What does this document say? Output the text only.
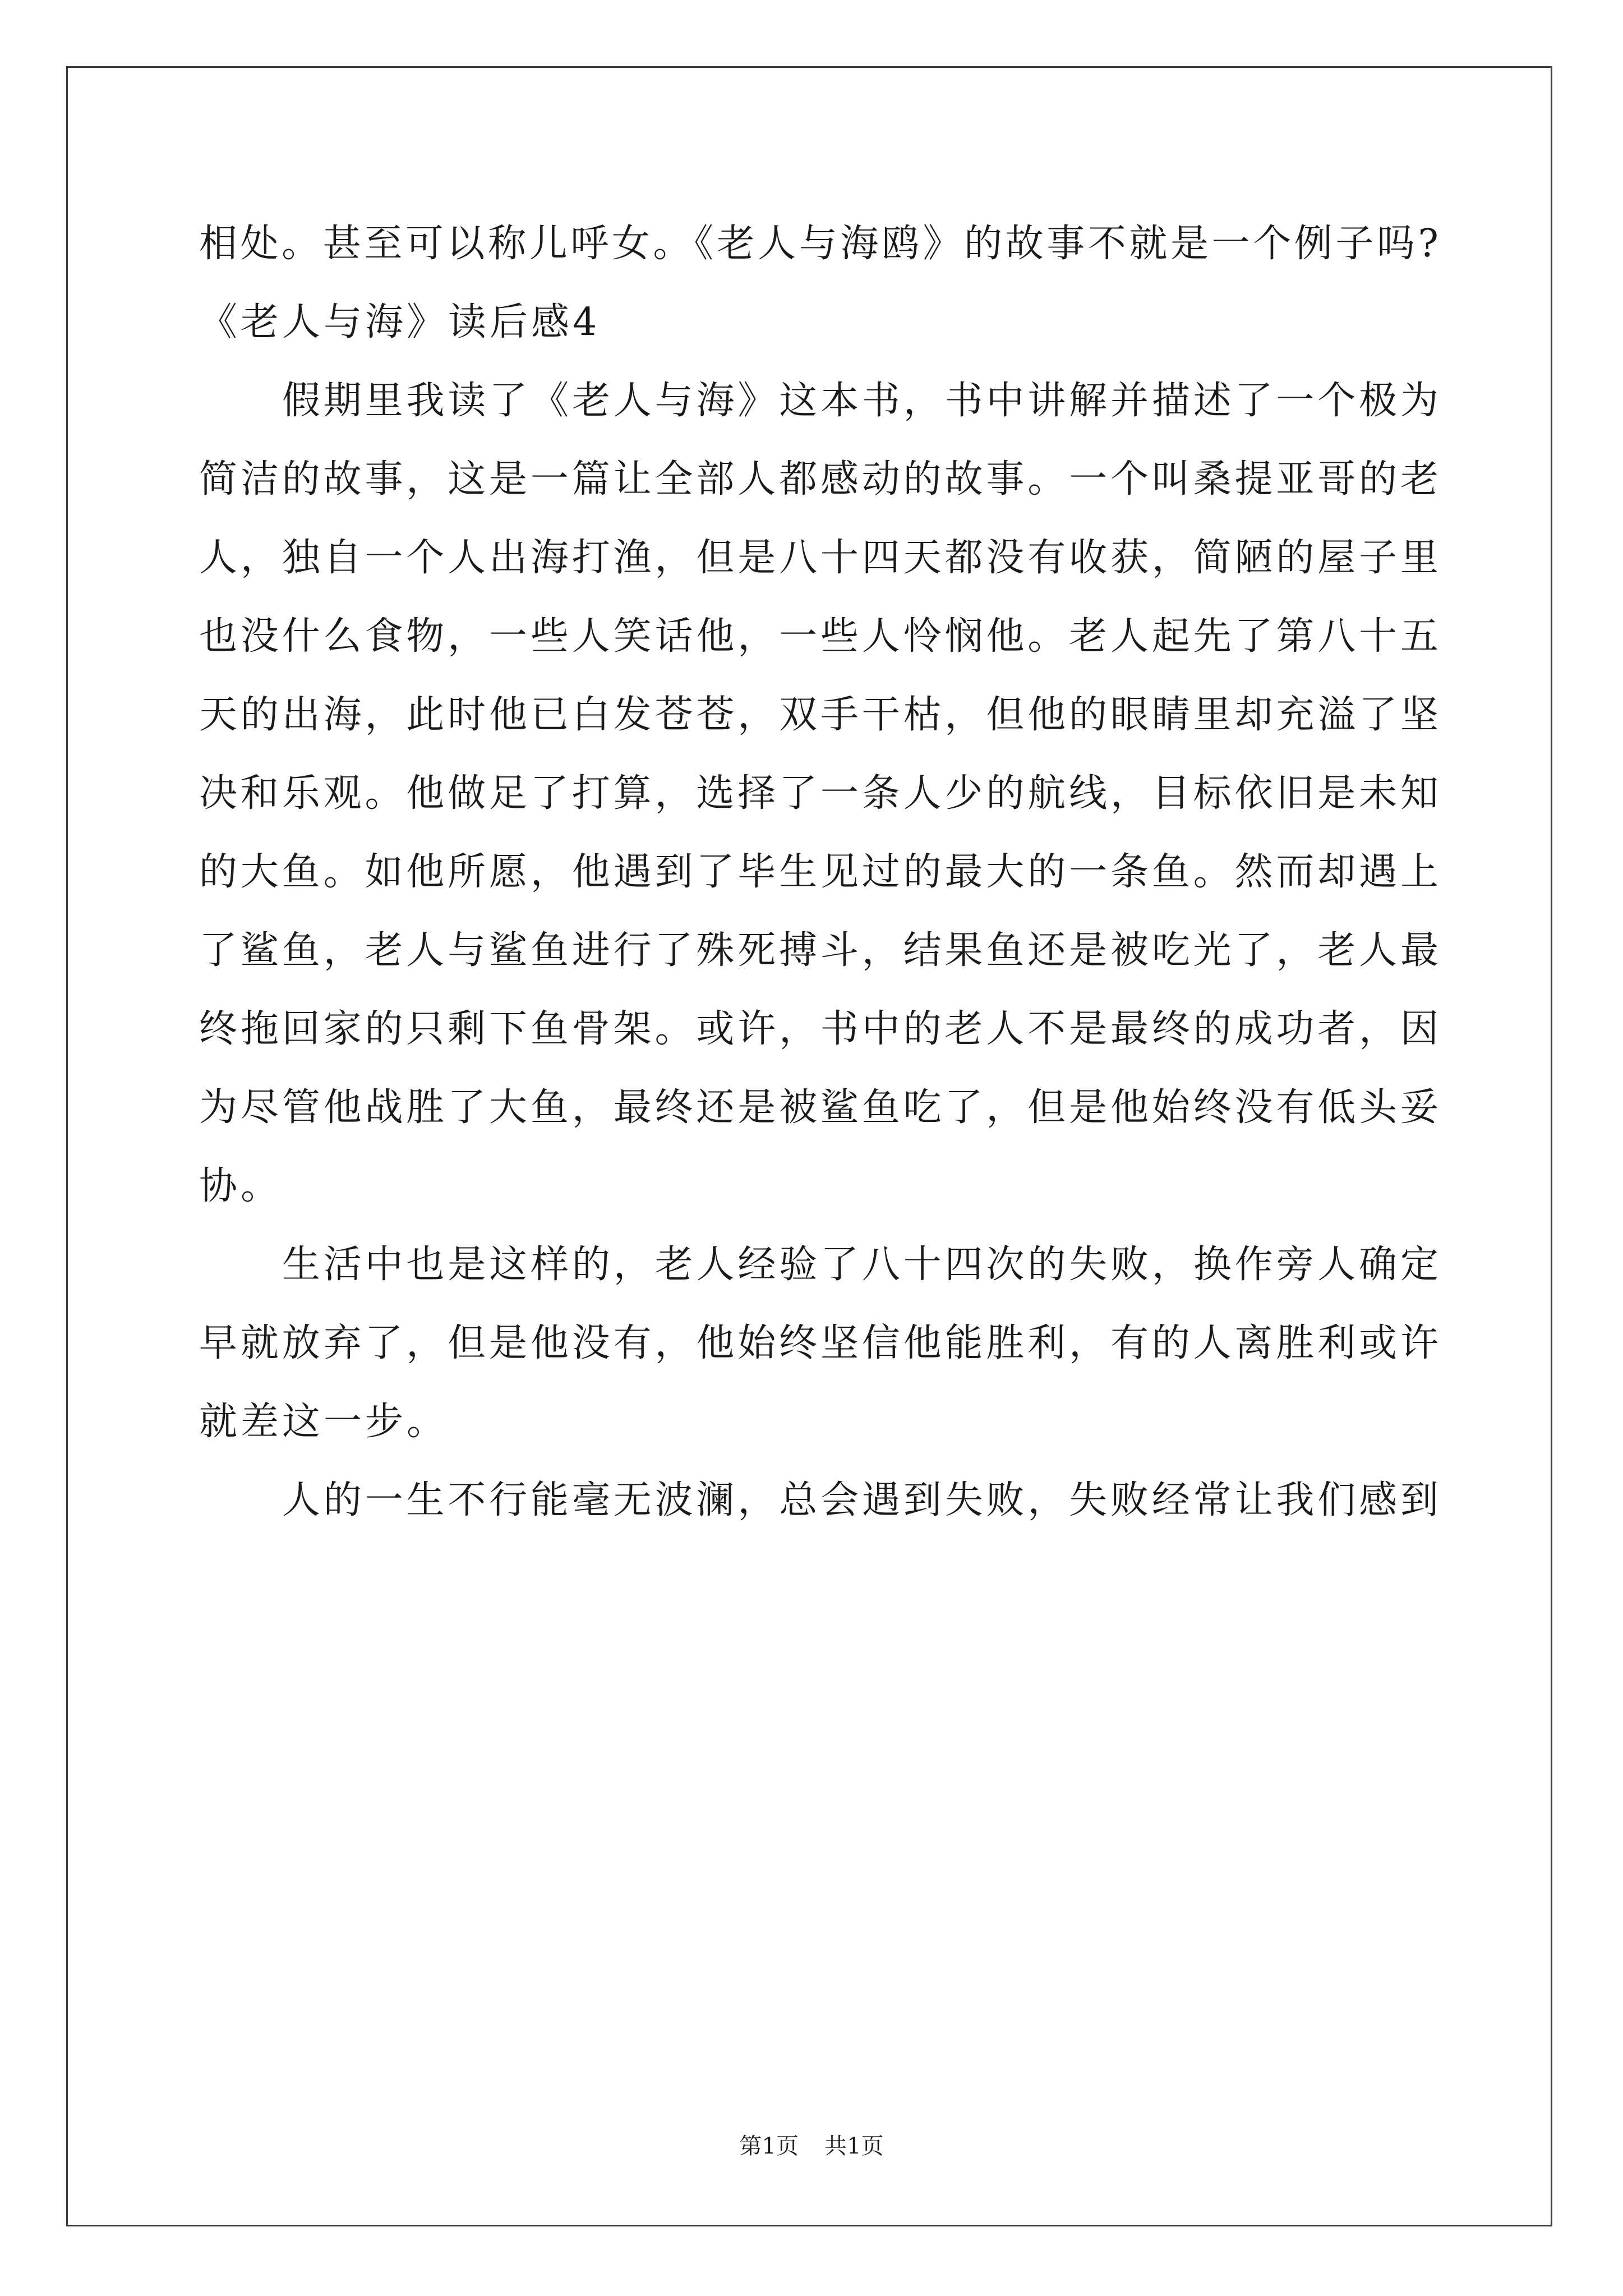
相处。甚至可以称儿呼女。《老人与海鸥》的故事不就是一个例子吗?
《老人与海》读后感4
假期里我读了《老人与海》这本书，书中讲解并描述了一个极为
简洁的故事，这是一篇让全部人都感动的故事。一个叫桑提亚哥的老
人，独自一个人出海打渔，但是八十四天都没有收获，简陋的屋子里
也没什么食物，一些人笑话他，一些人怜悯他。老人起先了第八十五
天的出海，此时他已白发苍苍，双手干枯，但他的眼睛里却充溢了坚
决和乐观。他做足了打算，选择了一条人少的航线，目标依旧是未知
的大鱼。如他所愿，他遇到了毕生见过的最大的一条鱼。然而却遇上
了鲨鱼，老人与鲨鱼进行了殊死搏斗，结果鱼还是被吃光了，老人最
终拖回家的只剩下鱼骨架。或许，书中的老人不是最终的成功者，因
为尽管他战胜了大鱼，最终还是被鲨鱼吃了，但是他始终没有低头妥
协。
生活中也是这样的，老人经验了八十四次的失败，换作旁人确定
早就放弃了，但是他没有，他始终坚信他能胜利，有的人离胜利或许
就差这一步。
人的一生不行能毫无波澜，总会遇到失败，失败经常让我们感到
第1页 共1页
